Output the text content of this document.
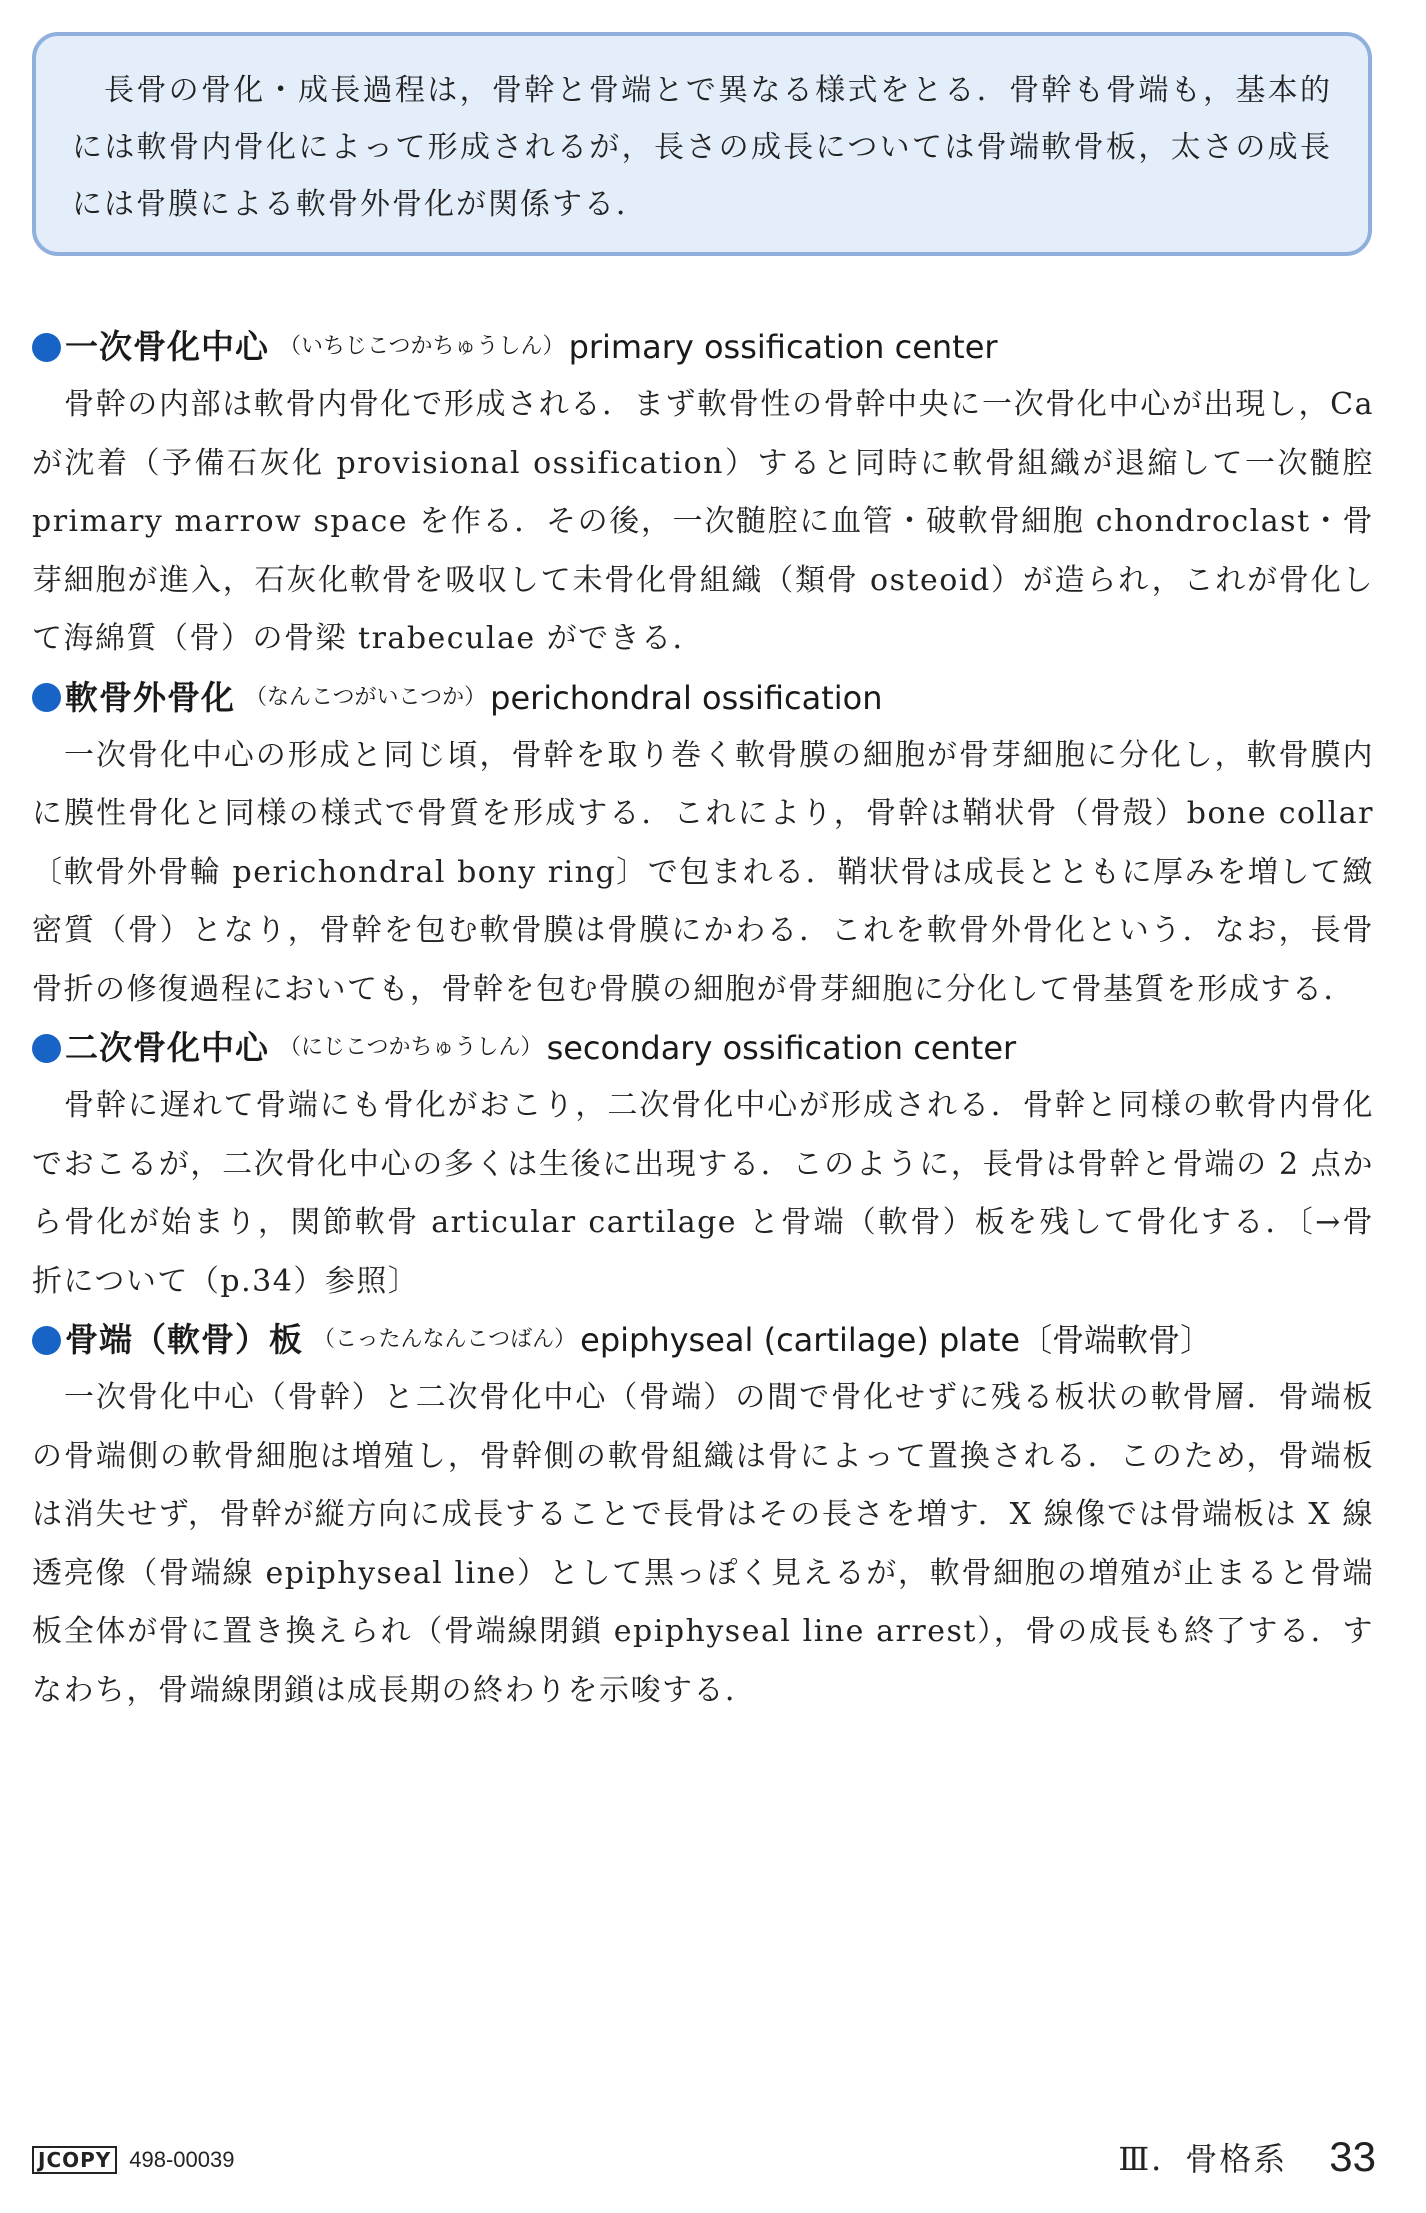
長骨の骨化・成長過程は，骨幹と骨端とで異なる様式をとる．骨幹も骨端も，基本的には軟骨内骨化によって形成されるが，長さの成長については骨端軟骨板，太さの成長には骨膜による軟骨外骨化が関係する．

一次骨化中心 （いちじこつかちゅうしん） primary ossification center

骨幹の内部は軟骨内骨化で形成される．まず軟骨性の骨幹中央に一次骨化中心が出現し，Ca が沈着（予備石灰化 provisional ossification）すると同時に軟骨組織が退縮して一次髄腔 primary marrow space を作る．その後，一次髄腔に血管・破軟骨細胞 chondroclast・骨芽細胞が進入，石灰化軟骨を吸収して未骨化骨組織（類骨 osteoid）が造られ，これが骨化して海綿質（骨）の骨梁 trabeculae ができる．

軟骨外骨化 （なんこつがいこつか） perichondral ossification

一次骨化中心の形成と同じ頃，骨幹を取り巻く軟骨膜の細胞が骨芽細胞に分化し，軟骨膜内に膜性骨化と同様の様式で骨質を形成する．これにより，骨幹は鞘状骨（骨殻）bone collar〔軟骨外骨輪 perichondral bony ring〕で包まれる．鞘状骨は成長とともに厚みを増して緻密質（骨）となり，骨幹を包む軟骨膜は骨膜にかわる．これを軟骨外骨化という．なお，長骨骨折の修復過程においても，骨幹を包む骨膜の細胞が骨芽細胞に分化して骨基質を形成する．

二次骨化中心 （にじこつかちゅうしん） secondary ossification center

骨幹に遅れて骨端にも骨化がおこり，二次骨化中心が形成される．骨幹と同様の軟骨内骨化でおこるが，二次骨化中心の多くは生後に出現する．このように，長骨は骨幹と骨端の 2 点から骨化が始まり，関節軟骨 articular cartilage と骨端（軟骨）板を残して骨化する．〔→骨折について（p.34）参照〕

骨端（軟骨）板 （こったんなんこつばん） epiphyseal (cartilage) plate〔骨端軟骨〕

一次骨化中心（骨幹）と二次骨化中心（骨端）の間で骨化せずに残る板状の軟骨層．骨端板の骨端側の軟骨細胞は増殖し，骨幹側の軟骨組織は骨によって置換される．このため，骨端板は消失せず，骨幹が縦方向に成長することで長骨はその長さを増す．X 線像では骨端板は X 線透亮像（骨端線 epiphyseal line）として黒っぽく見えるが，軟骨細胞の増殖が止まると骨端板全体が骨に置き換えられ（骨端線閉鎖 epiphyseal line arrest），骨の成長も終了する．すなわち，骨端線閉鎖は成長期の終わりを示唆する．

JCOPY 498-00039	Ⅲ．骨格系 33
